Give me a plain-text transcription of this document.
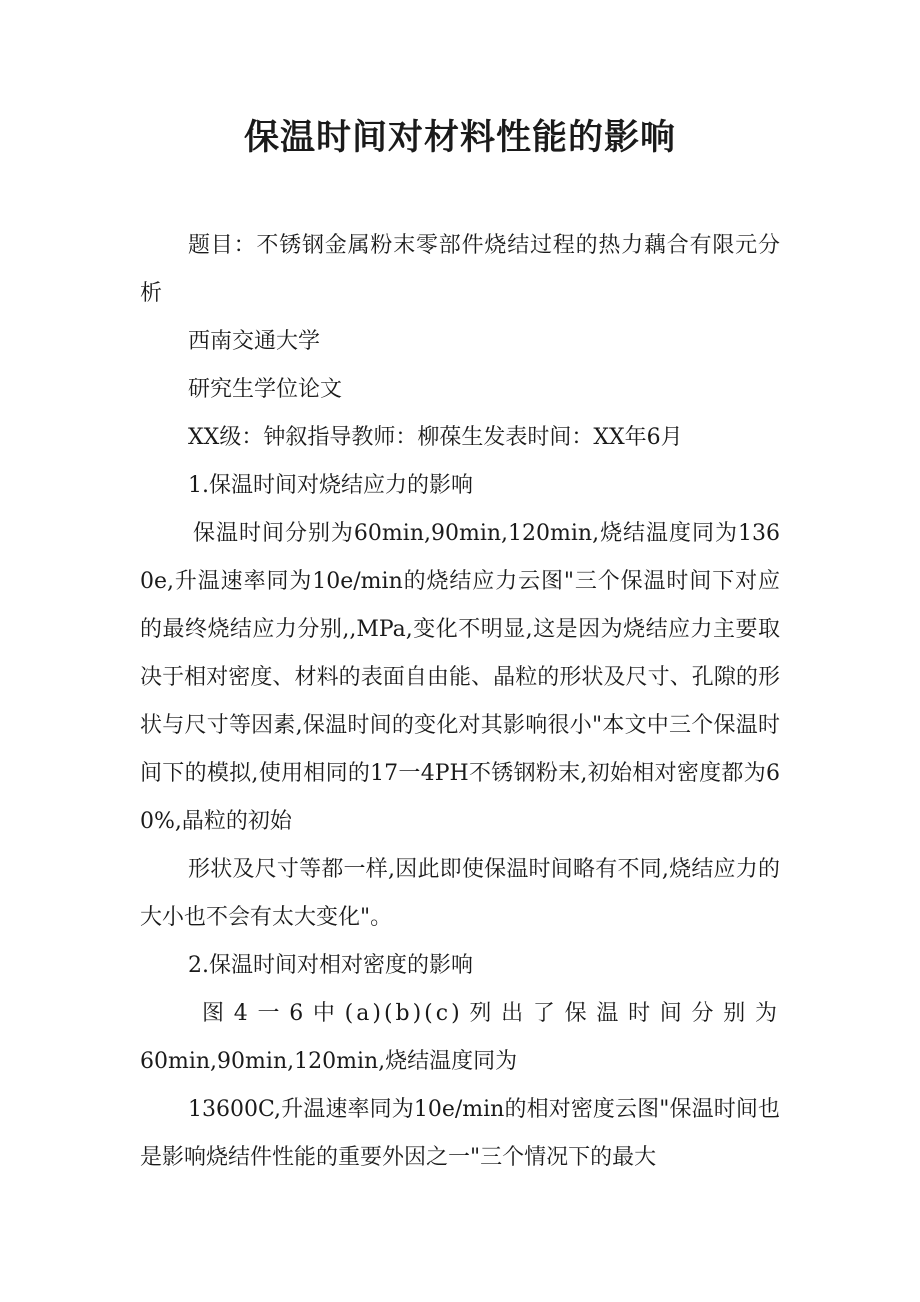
保温时间对材料性能的影响

题目：不锈钢金属粉末零部件烧结过程的热力藕合有限元分析

西南交通大学

研究生学位论文

XX级：钟叙指导教师：柳葆生发表时间：XX年6月

1.保温时间对烧结应力的影响

保温时间分别为60min,90min,120min,烧结温度同为1360e,升温速率同为10e/min的烧结应力云图"三个保温时间下对应的最终烧结应力分别,,MPa,变化不明显,这是因为烧结应力主要取决于相对密度、材料的表面自由能、晶粒的形状及尺寸、孔隙的形状与尺寸等因素,保温时间的变化对其影响很小"本文中三个保温时间下的模拟,使用相同的17一4PH不锈钢粉末,初始相对密度都为60%,晶粒的初始

形状及尺寸等都一样,因此即使保温时间略有不同,烧结应力的大小也不会有太大变化"。

2.保温时间对相对密度的影响

图4一6中(a)(b)(c)列出了保温时间分别为

60min,90min,120min,烧结温度同为

13600C,升温速率同为10e/min的相对密度云图"保温时间也是影响烧结件性能的重要外因之一"三个情况下的最大
